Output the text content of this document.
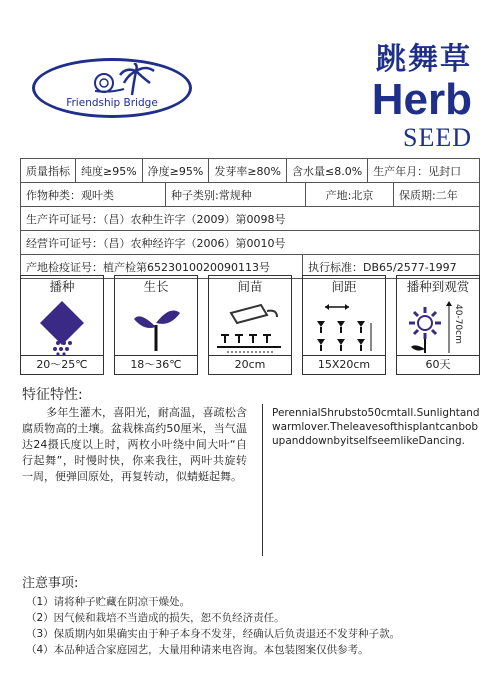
Friendship Bridge
跳舞草
Herb
SEED
质量指标	纯度≥95%	净度≥95%	发芽率≥80%	含水量≤8.0%	生产年月：见封口
作物种类：观叶类	种子类别:常规种	产地:北京	保质期:二年
生产许可证号：（昌）农种生许字（2009）第0098号
经营许可证号：（昌）农种经许字（2006）第0010号
产地检疫证号：植产检第6523010020090113号	执行标准：DB65/2577-1997
播种
20～25℃
生长
18～36℃
间苗
20cm
间距
15X20cm
播种到观赏
40-70cm
60天
特征特性:
多年生灌木，喜阳光，耐高温，喜疏松含腐质物高的土壤。盆栽株高约50厘米，当气温达24摄氏度以上时，两枚小叶绕中间大叶“自行起舞”，时慢时快，你来我往，两叶共旋转一周，便弹回原处，再复转动，似蜻蜓起舞。
PerennialShrubsto50cmtall.Sunlightandwarmlover.TheleavesofthisplantcanbobupanddownbyitselfseemlikeDancing.
注意事项:
（1）请将种子贮藏在阴凉干燥处。
（2）因气候和栽培不当造成的损失，恕不负经济责任。
（3）保质期内如果确实由于种子本身不发芽，经确认后负责退还不发芽种子款。
（4）本品种适合家庭园艺，大量用种请来电咨询。本包装图案仅供参考。
